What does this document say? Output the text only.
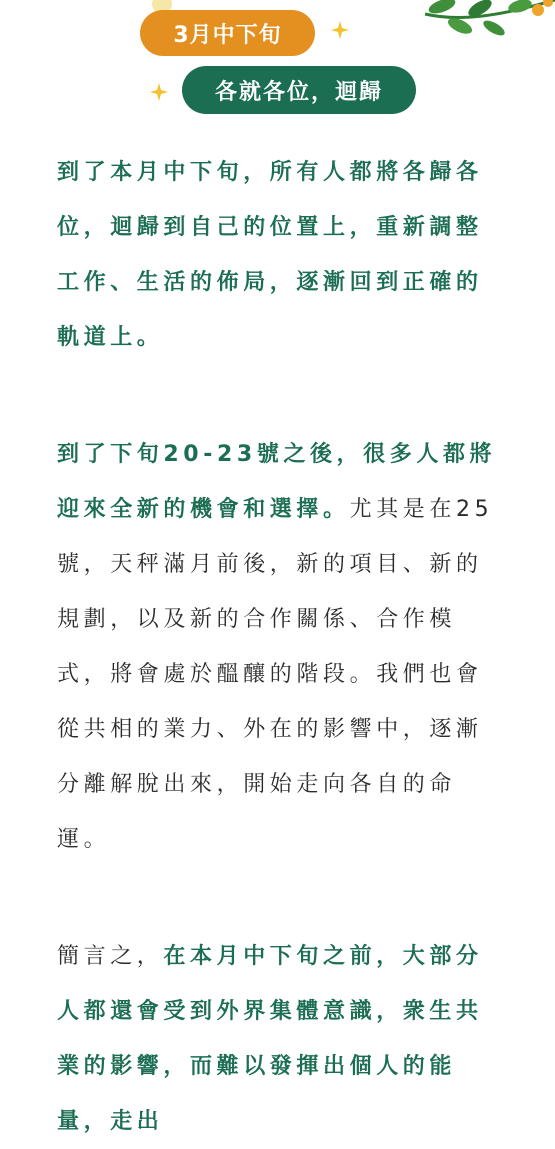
3月中下旬
各就各位，迴歸

到了本月中下旬，所有人都將各歸各位，迴歸到自己的位置上，重新調整工作、生活的佈局，逐漸回到正確的軌道上。

到了下旬20-23號之後，很多人都將迎來全新的機會和選擇。尤其是在25號，天秤滿月前後，新的項目、新的規劃，以及新的合作關係、合作模式，將會處於醞釀的階段。我們也會從共相的業力、外在的影響中，逐漸分離解脫出來，開始走向各自的命運。

簡言之，在本月中下旬之前，大部分人都還會受到外界集體意識，衆生共業的影響，而難以發揮出個人的能量，走出
